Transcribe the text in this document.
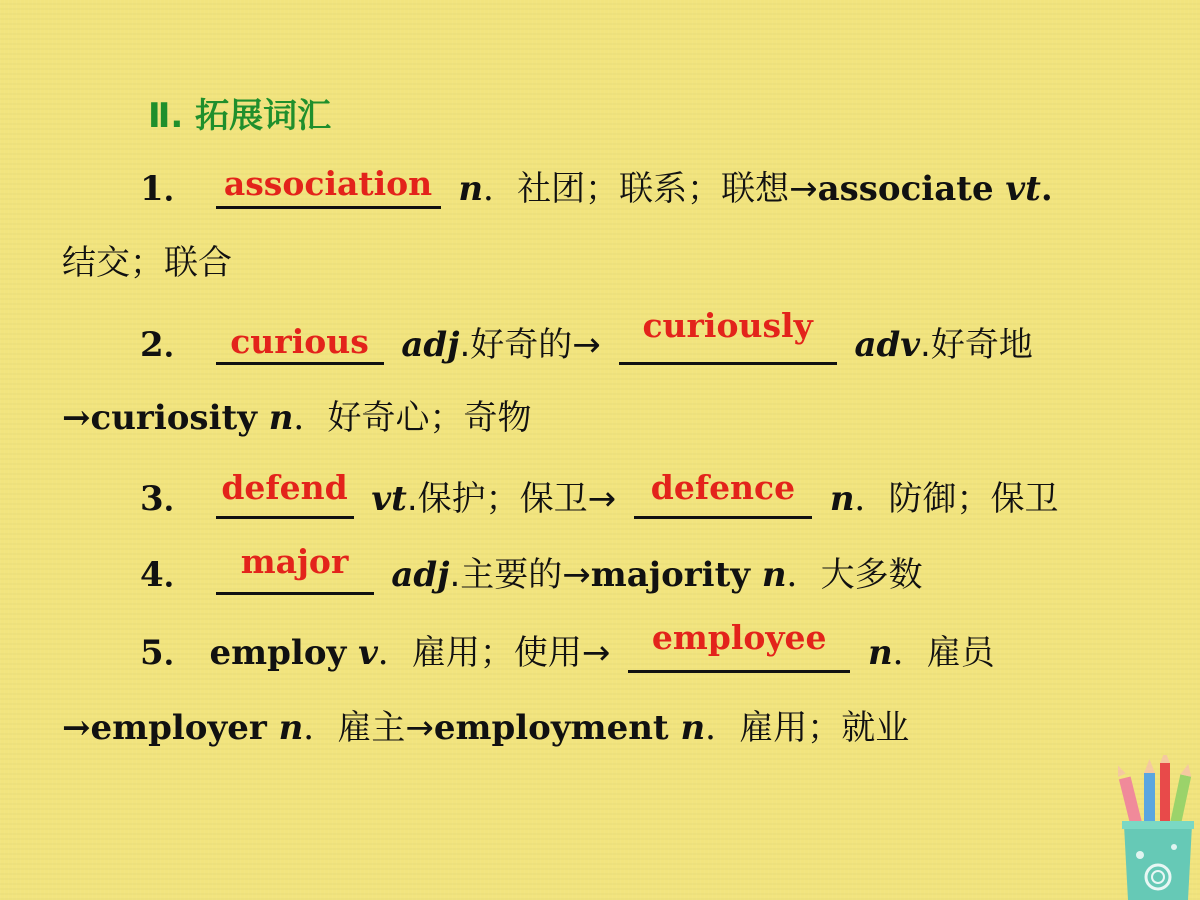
Ⅱ. 拓展词汇
1． association n．社团；联系；联想→associate vt.
结交；联合
2． curious adj.好奇的→	curiously	adv.好奇地
→curiosity n．好奇心；奇物
3． defend vt.保护；保卫→	defence	n．防御；保卫
4．	major	adj.主要的→majority n．大多数
5． employ v．雇用；使用→	employee	n．雇员
→employer n．雇主→employment n．雇用；就业
